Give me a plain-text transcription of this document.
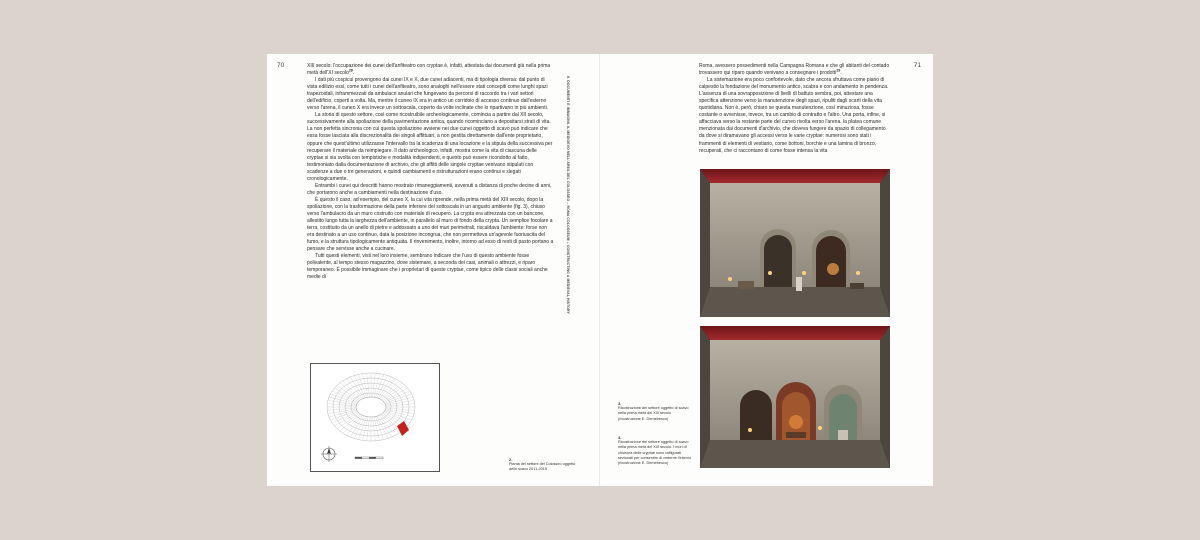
70	71

XIII secolo: l'occupazione dei cunei dell'anfiteatro con cryptae è, infatti, attestata dai documenti già nella prima metà dell'XI secolo$^{28}$.

I dati più cospicui provengono dai cunei IX e X, due cunei adiacenti, ma di tipologia diversa: dal punto di vista edilizio essi, come tutti i cunei dell'anfiteatro, sono analoghi nell'essere stati concepiti come lunghi spazi trapezoidali, inframmezzati da ambulacri anulari che fungevano da percorsi di raccordo tra i vari settori dell'edificio, coperti a volta. Ma, mentre il cuneo IX era in antico un corridoio di accesso continuo dall'esterno verso l'arena, il cuneo X era invece un sottoscala, coperto da volte inclinate che lo ripartivano in più ambienti.

La storia di questo settore, così come ricostruibile archeologicamente, comincia a partire dal XII secolo, successivamente alla spoliazione della pavimentazione antica, quando ricominciano a depositarsi strati di vita. La non perfetta sincronia con cui questa spoliazione avviene nei due cunei oggetto di scavo può indicare che essa fosse lasciata alla discrezionalità dei singoli affittuari, a non gestita direttamente dall'ente proprietario, oppure che quest'ultimo utilizzasse l'intervallo tra la scadenza di una locazione e la stipula della successiva per recuperare il materiale da reimpiegare. Il dato archeologico, infatti, mostra come la vita di ciascuna delle cryptae si sia svolta con tempistiche e modalità indipendenti, e questo può essere ricondotto al fatto, testimoniato dalla documentazione di archivio, che gli affitti delle singole cryptae venivano stipulati con scadenze a due o tre generazioni, e quindi cambiamenti e ristrutturazioni erano continui e slegati cronologicamente.

Entrambi i cunei qui descritti hanno mostrato rimaneggiamenti, avvenuti a distanza di poche decine di anni, che portarono anche a cambiamenti nella destinazione d'uso.

È questo il caso, ad esempio, del cuneo X, la cui vita riprende, nella prima metà del XIII secolo, dopo la spoliazione, con la trasformazione della parte inferiore del sottoscala in un angusto ambiente (fig. 3), chiuso verso l'ambulacro da un muro costruito con materiale di recupero. La crypta era attrezzata con un bancone, allestito lungo tutta la larghezza dell'ambiente, in parallelo al muro di fondo della crypta. Un semplice focolare a terra, costituito da un anello di pietre e addossato a uno dei muri perimetrali, riscaldava l'ambiente: forse non era destinato a un uso continuo, data la posizione incongrua, che non permetteva un'agevole fuoriuscita del fumo, e la struttura tipologicamente antiquata. Il rinvenimento, inoltre, intorno ad esso di resti di pasto portano a pensare che servisse anche a cucinare.

Tutti questi elementi, visti nel loro insieme, sembrano indicare che l'uso di questo ambiente fosse polivalente, al tempo stesso magazzino, dove sistemare, a seconda dei casi, animali o attrezzi, e riparo temporaneo. È possibile immaginare che i proprietari di queste cryptae, come tipico delle classi sociali anche medie di	6. DOCUMENTI E IMMAGINI. IL MEDIOEVO NELL'AREA DEL COLOSSEO – ROMA COLOSSEUM – CONSTRUCTING A MEDIEVAL HISTORY
2.
Planta del settore del Colosseo oggetto dello scavo 2011-2015
3.
Ricostruzione del settore oggetto di scavo nella prima metà del XIII secolo (ricostruzione E. Demetrescu)
4.
Ricostruzione del settore oggetto di scavo nella prima metà del XIII secolo. I muri di chiusura delle cryptae sono raffigurati sezionati per consentire di vederne l'interno (ricostruzione E. Demetrescu)

Roma, avessero possedimenti nella Campagna Romana e che gli abitanti del contado trovassero qui riparo quando venivano a consegnare i prodotti$^{29}$.

La sistemazione era poco confortevole, dato che ancora sfruttava come piano di calpestio la fondazione del monumento antico, scabra e con andamento in pendenza. L'assenza di una sovrapposizione di livelli di battuto sembra, poi, attestare una specifica attenzione verso la manutenzione degli spazi, ripuliti dagli scarti della vita quotidiana. Non è, però, chiaro se questa manutenzione, così minuziosa, fosse costante o avvenisse, invece, tra un cambio di contratto e l'altro. Una porta, infine, si affacciava verso la restante parte del cuneo rivolta verso l'arena, la platea comune menzionata dai documenti d'archivio, che doveva fungere da spazio di collegamento da dove si diramavano gli accessi verso le varie cryptae: numerosi sono stati i frammenti di elementi di vestiario, come bottoni, borchie e una lamina di bronzo, recuperati, che ci raccontano di come fosse intensa la vita
